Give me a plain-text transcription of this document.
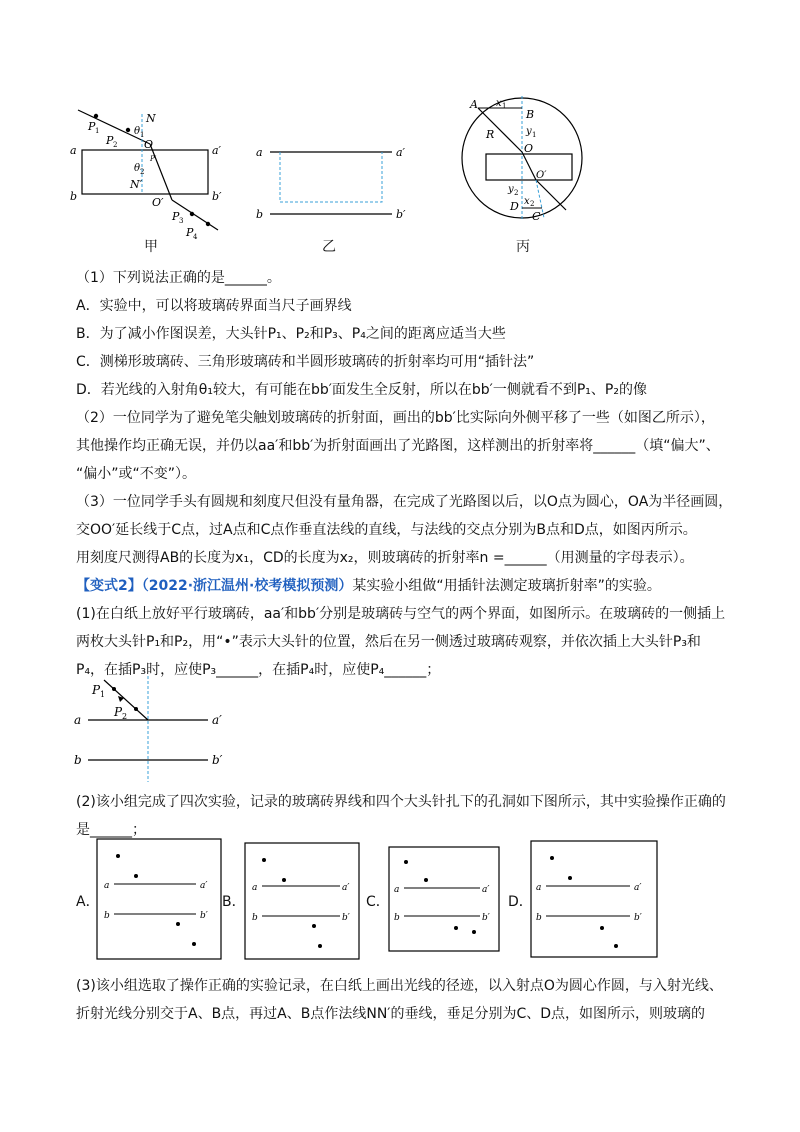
P 1
P 2
θ 1
N
O
a	a′
θ 2
P′
N′
b	b′
O′
P 3
P 4
甲
a	a′
b	b′
乙
A x 1
B
y 1
R
O
O′
y 2
D x 2
C
丙
（1）下列说法正确的是______。
A．实验中，可以将玻璃砖界面当尺子画界线
B．为了减小作图误差，大头针P₁、P₂和P₃、P₄之间的距离应适当大些
C．测梯形玻璃砖、三角形玻璃砖和半圆形玻璃砖的折射率均可用“插针法”
D．若光线的入射角θ₁较大，有可能在bb′面发生全反射，所以在bb′一侧就看不到P₁、P₂的像
（2）一位同学为了避免笔尖触划玻璃砖的折射面，画出的bb′比实际向外侧平移了一些（如图乙所示），
其他操作均正确无误，并仍以aa′和bb′为折射面画出了光路图，这样测出的折射率将______（填“偏大”、
“偏小”或“不变”）。
（3）一位同学手头有圆规和刻度尺但没有量角器，在完成了光路图以后，以O点为圆心，OA为半径画圆，
交OO′延长线于C点，过A点和C点作垂直法线的直线，与法线的交点分别为B点和D点，如图丙所示。
用刻度尺测得AB的长度为x₁，CD的长度为x₂，则玻璃砖的折射率n =______（用测量的字母表示）。
【变式2】（2022·浙江温州·校考模拟预测）某实验小组做“用插针法测定玻璃折射率”的实验。
(1)在白纸上放好平行玻璃砖，aa′和bb′分别是玻璃砖与空气的两个界面，如图所示。在玻璃砖的一侧插上
两枚大头针P₁和P₂，用“•”表示大头针的位置，然后在另一侧透过玻璃砖观察，并依次插上大头针P₃和
P₄，在插P₃时，应使P₃______，在插P₄时，应使P₄______；
P 1
P 2
a	a′
b	b′
(2)该小组完成了四次实验，记录的玻璃砖界线和四个大头针扎下的孔洞如下图所示，其中实验操作正确的
是______；
A．
a	a′
b	b′
B．
a	a′
b	b′
C．
a	a′
b	b′
D．
a	a′
b	b′
(3)该小组选取了操作正确的实验记录，在白纸上画出光线的径迹，以入射点O为圆心作圆，与入射光线、
折射光线分别交于A、B点，再过A、B点作法线NN′的垂线，垂足分别为C、D点，如图所示，则玻璃的
